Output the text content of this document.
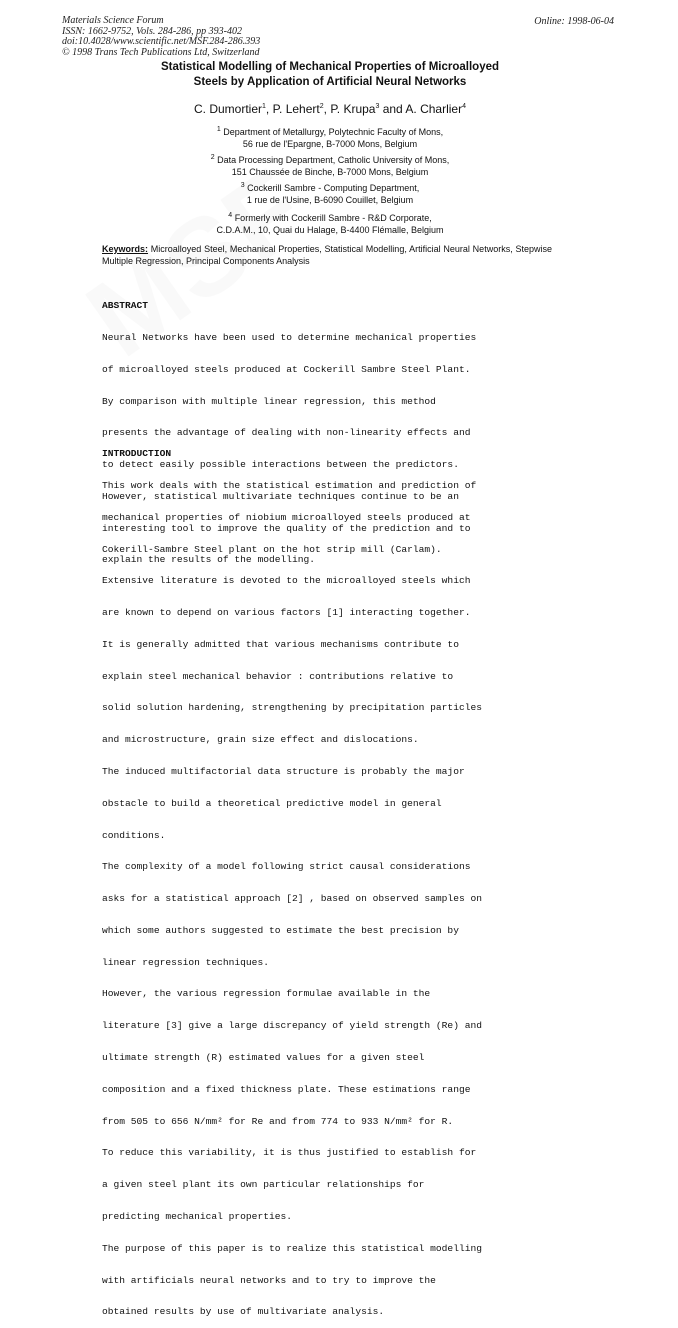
Materials Science Forum
ISSN: 1662-9752, Vols. 284-286, pp 393-402
doi:10.4028/www.scientific.net/MSF.284-286.393
© 1998 Trans Tech Publications Ltd, Switzerland
Online: 1998-06-04
Statistical Modelling of Mechanical Properties of Microalloyed
Steels by Application of Artificial Neural Networks
C. Dumortier$^1$, P. Lehert$^2$, P. Krupa$^3$ and A. Charlier$^4$
$^1$ Department of Metallurgy, Polytechnic Faculty of Mons,
56 rue de l'Epargne, B-7000 Mons, Belgium
$^2$ Data Processing Department, Catholic University of Mons,
151 Chaussée de Binche, B-7000 Mons, Belgium
$^3$ Cockerill Sambre - Computing Department,
1 rue de l'Usine, B-6090 Couillet, Belgium
$^4$ Formerly with Cockerill Sambre - R&D Corporate,
C.D.A.M., 10, Quai du Halage, B-4400 Flémalle, Belgium
Keywords: Microalloyed Steel, Mechanical Properties, Statistical Modelling, Artificial Neural Networks, Stepwise Multiple Regression, Principal Components Analysis

ABSTRACT

Neural Networks have been used to determine mechanical properties

of microalloyed steels produced at Cockerill Sambre Steel Plant.

By comparison with multiple linear regression, this method

presents the advantage of dealing with non-linearity effects and

to detect easily possible interactions between the predictors.

However, statistical multivariate techniques continue to be an

interesting tool to improve the quality of the prediction and to

explain the results of the modelling.

INTRODUCTION

This work deals with the statistical estimation and prediction of

mechanical properties of niobium microalloyed steels produced at

Cokerill-Sambre Steel plant on the hot strip mill (Carlam).

Extensive literature is devoted to the microalloyed steels which

are known to depend on various factors [1] interacting together.

It is generally admitted that various mechanisms contribute to

explain steel mechanical behavior : contributions relative to

solid solution hardening, strengthening by precipitation particles

and microstructure, grain size effect and dislocations.

The induced multifactorial data structure is probably the major

obstacle to build a theoretical predictive model in general

conditions.

The complexity of a model following strict causal considerations

asks for a statistical approach [2] , based on observed samples on

which some authors suggested to estimate the best precision by

linear regression techniques.

However, the various regression formulae available in the

literature [3] give a large discrepancy of yield strength (Re) and

ultimate strength (R) estimated values for a given steel

composition and a fixed thickness plate. These estimations range

from 505 to 656 N/mm² for Re and from 774 to 933 N/mm² for R.

To reduce this variability, it is thus justified to establish for

a given steel plant its own particular relationships for

predicting mechanical properties.

The purpose of this paper is to realize this statistical modelling

with artificials neural networks and to try to improve the

obtained results by use of multivariate analysis.
